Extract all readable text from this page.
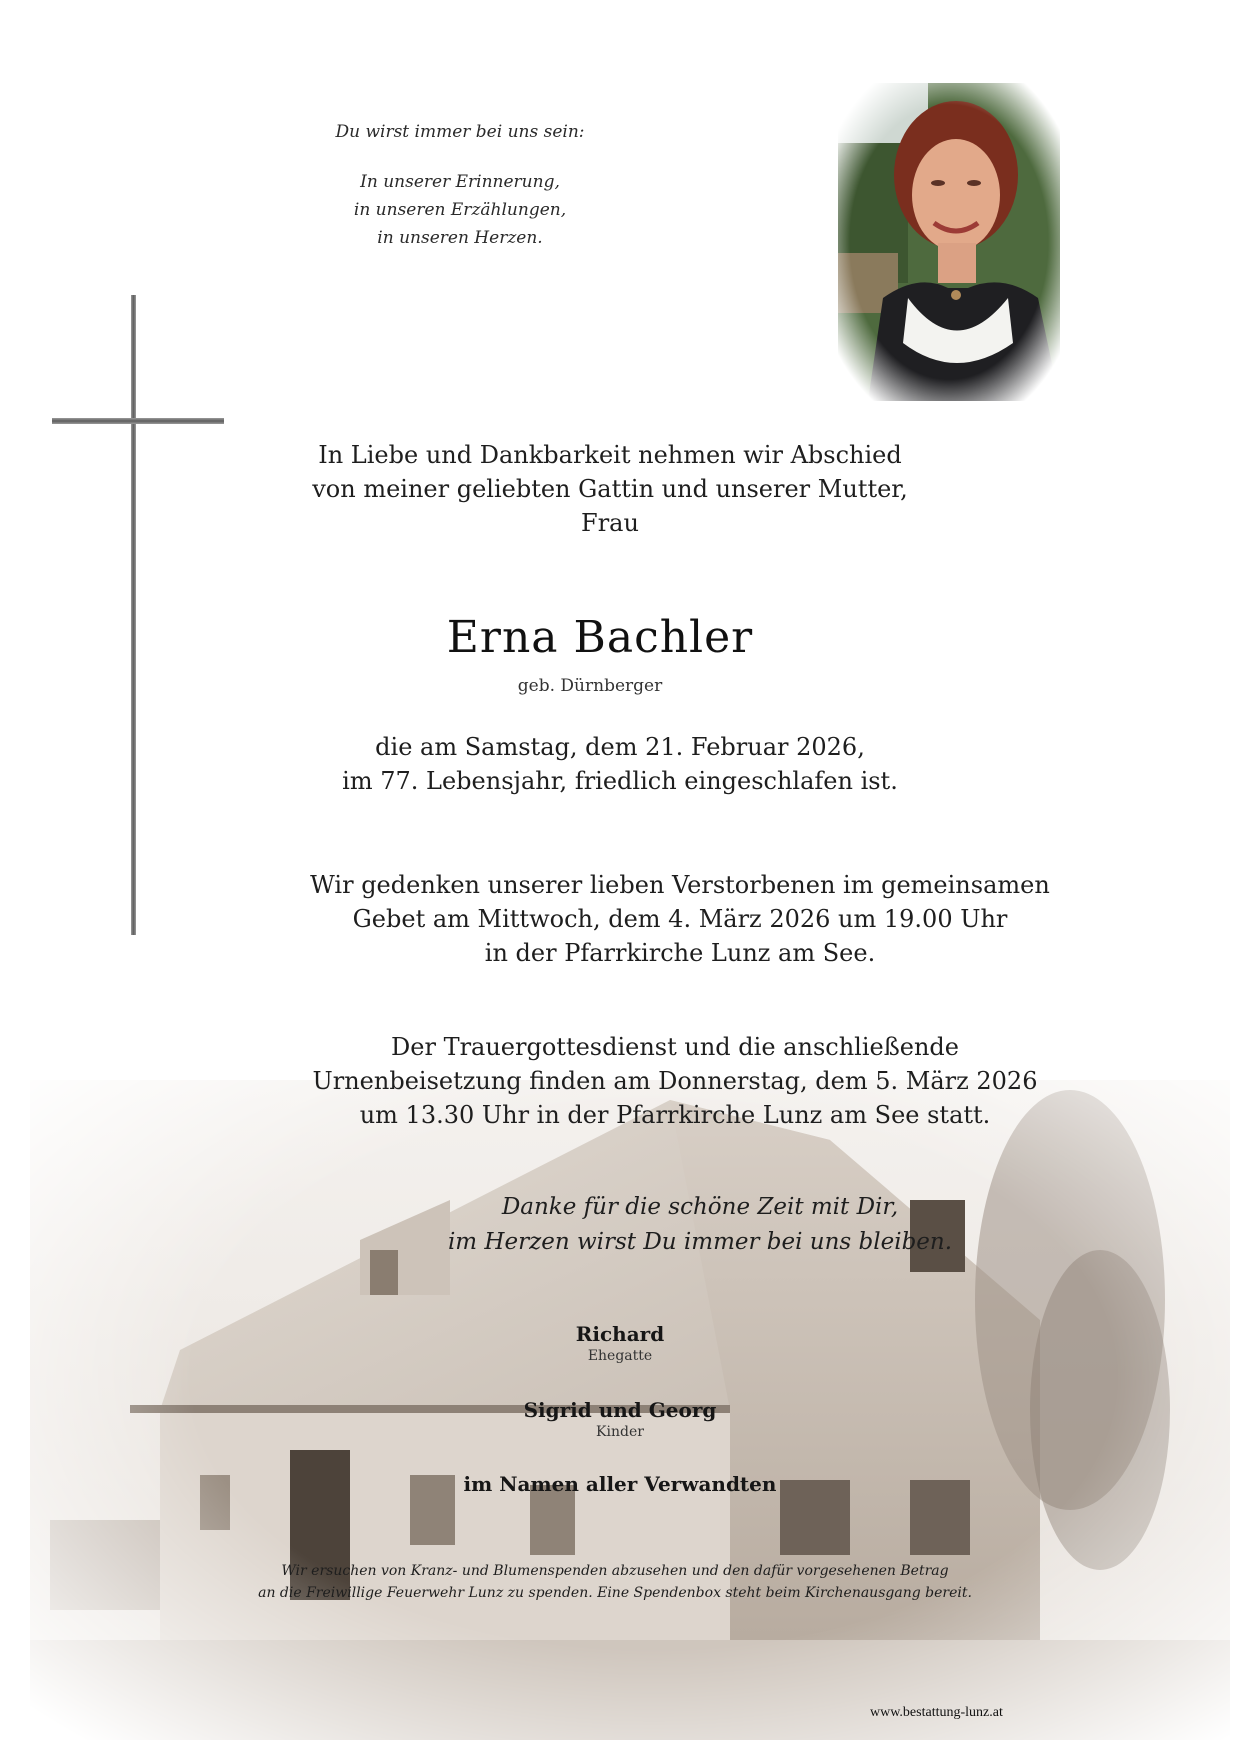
Du wirst immer bei uns sein:

In unserer Erinnerung,

in unseren Erzählungen,

in unseren Herzen.

In Liebe und Dankbarkeit nehmen wir Abschied
von meiner geliebten Gattin und unserer Mutter,
Frau
Erna Bachler
geb. Dürnberger
die am Samstag, dem 21. Februar 2026,
im 77. Lebensjahr, friedlich eingeschlafen ist.
Wir gedenken unserer lieben Verstorbenen im gemeinsamen
Gebet am Mittwoch, dem 4. März 2026 um 19.00 Uhr
in der Pfarrkirche Lunz am See.
Der Trauergottesdienst und die anschließende
Urnenbeisetzung finden am Donnerstag, dem 5. März 2026
um 13.30 Uhr in der Pfarrkirche Lunz am See statt.
Danke für die schöne Zeit mit Dir,
im Herzen wirst Du immer bei uns bleiben.
Richard
Ehegatte
Sigrid und Georg
Kinder
im Namen aller Verwandten
Wir ersuchen von Kranz- und Blumenspenden abzusehen und den dafür vorgesehenen Betrag
an die Freiwillige Feuerwehr Lunz zu spenden. Eine Spendenbox steht beim Kirchenausgang bereit.
www.bestattung-lunz.at
